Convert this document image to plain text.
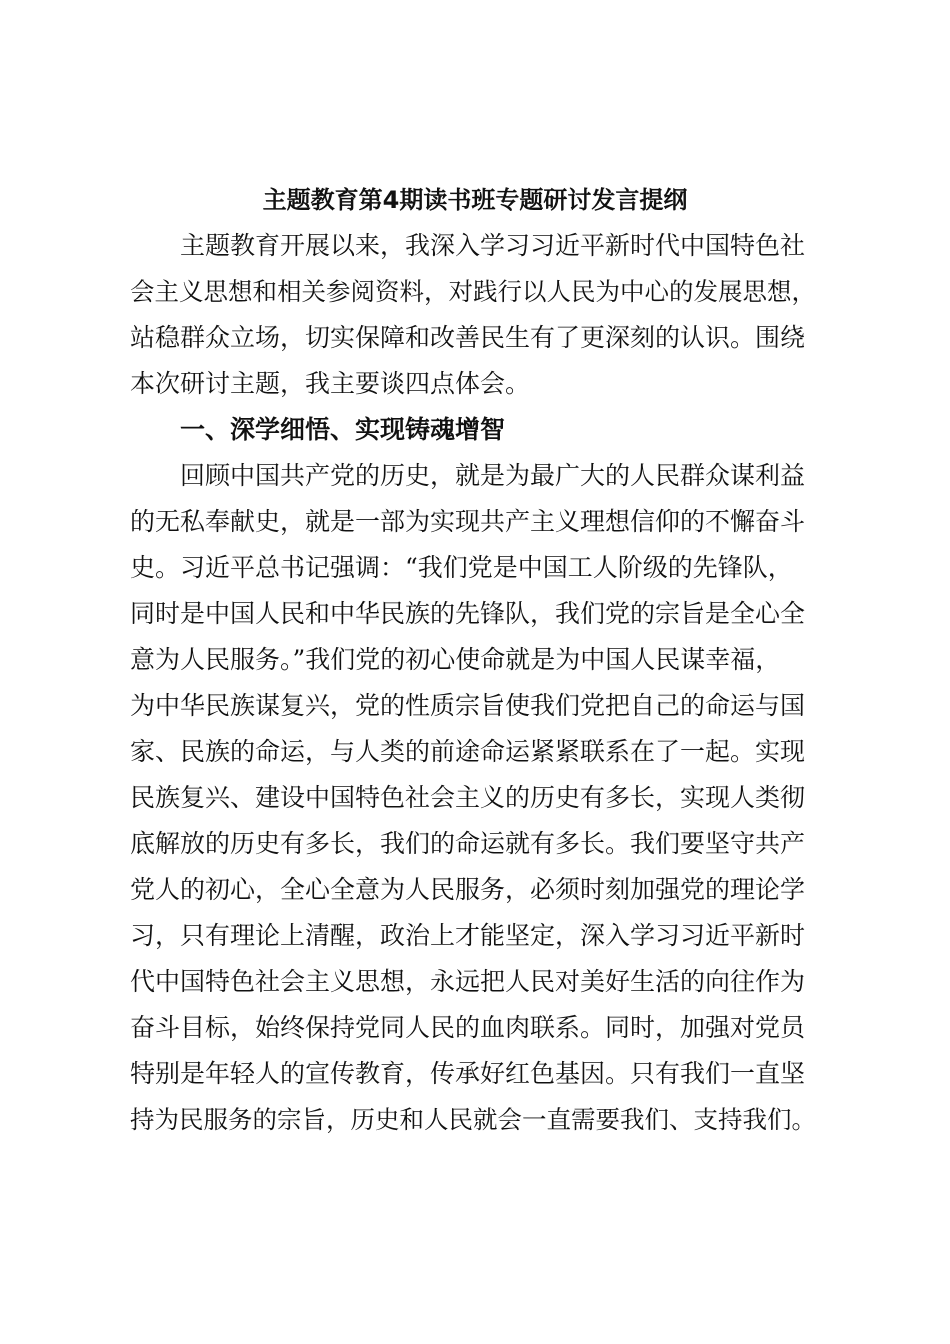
主题教育第4期读书班专题研讨发言提纲
主题教育开展以来，我深入学习习近平新时代中国特色社
会主义思想和相关参阅资料，对践行以人民为中心的发展思想，
站稳群众立场，切实保障和改善民生有了更深刻的认识。围绕
本次研讨主题，我主要谈四点体会。
一、深学细悟、实现铸魂增智
回顾中国共产党的历史，就是为最广大的人民群众谋利益
的无私奉献史，就是一部为实现共产主义理想信仰的不懈奋斗
史。习近平总书记强调：“我们党是中国工人阶级的先锋队，
同时是中国人民和中华民族的先锋队，我们党的宗旨是全心全
意为人民服务。”我们党的初心使命就是为中国人民谋幸福，
为中华民族谋复兴，党的性质宗旨使我们党把自己的命运与国
家、民族的命运，与人类的前途命运紧紧联系在了一起。实现
民族复兴、建设中国特色社会主义的历史有多长，实现人类彻
底解放的历史有多长，我们的命运就有多长。我们要坚守共产
党人的初心，全心全意为人民服务，必须时刻加强党的理论学
习，只有理论上清醒，政治上才能坚定，深入学习习近平新时
代中国特色社会主义思想，永远把人民对美好生活的向往作为
奋斗目标，始终保持党同人民的血肉联系。同时，加强对党员
特别是年轻人的宣传教育，传承好红色基因。只有我们一直坚
持为民服务的宗旨，历史和人民就会一直需要我们、支持我们。
